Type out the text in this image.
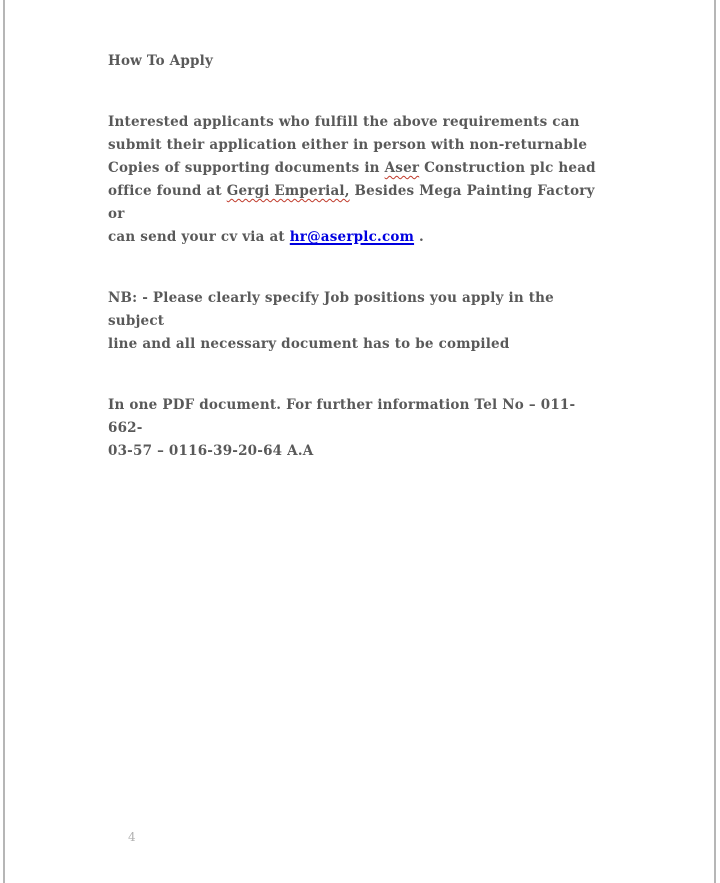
How To Apply

Interested applicants who fulfill the above requirements can
submit their application either in person with non-returnable
Copies of supporting documents in Aser Construction plc head
office found at Gergi Emperial, Besides Mega Painting Factory or
can send your cv via at hr@aserplc.com .

NB: - Please clearly specify Job positions you apply in the subject
line and all necessary document has to be compiled

In one PDF document. For further information Tel No – 011-662-
03-57 – 0116-39-20-64 A.A

4
